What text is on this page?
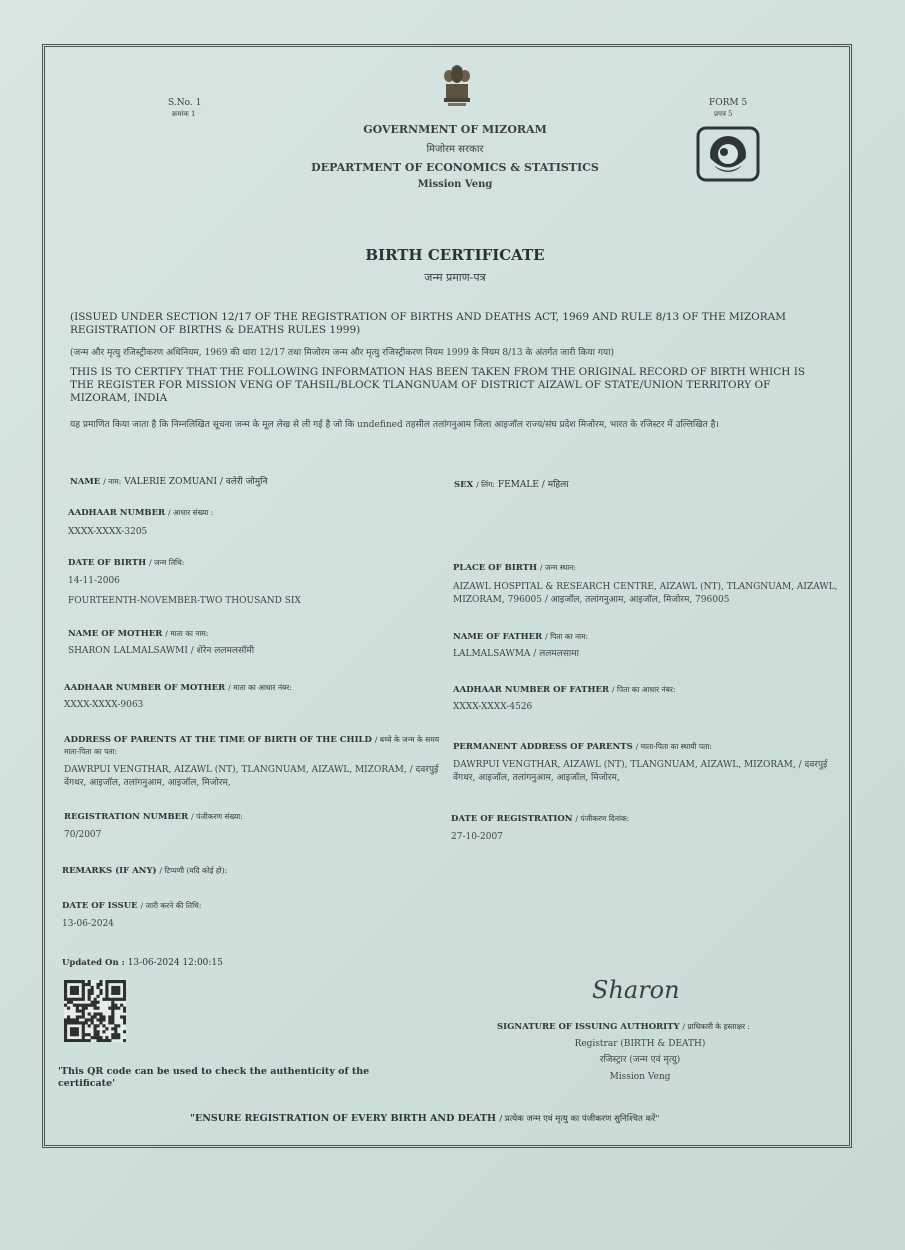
S.No. 1
क्रमांक 1
FORM 5
प्रपत्र 5
GOVERNMENT OF MIZORAM
मिजोरम सरकार
DEPARTMENT OF ECONOMICS & STATISTICS
Mission Veng
BIRTH CERTIFICATE
जन्म प्रमाण-पत्र
(ISSUED UNDER SECTION 12/17 OF THE REGISTRATION OF BIRTHS AND DEATHS ACT, 1969 AND RULE 8/13 OF THE MIZORAM REGISTRATION OF BIRTHS & DEATHS RULES 1999)
(जन्म और मृत्यु रजिस्ट्रीकरण अधिनियम, 1969 की धारा 12/17 तथा मिजोरम जन्म और मृत्यु रजिस्ट्रीकरण नियम 1999 के नियम 8/13 के अंतर्गत जारी किया गया)
THIS IS TO CERTIFY THAT THE FOLLOWING INFORMATION HAS BEEN TAKEN FROM THE ORIGINAL RECORD OF BIRTH WHICH IS THE REGISTER FOR MISSION VENG OF TAHSIL/BLOCK TLANGNUAM OF DISTRICT AIZAWL OF STATE/UNION TERRITORY OF MIZORAM, INDIA
यह प्रमाणित किया जाता है कि निम्नलिखित सूचना जन्म के मूल लेख से ली गई है जो कि undefined तहसील तलांगनुआम जिला आइजॉल राज्य/संघ प्रदेश मिजोरम, भारत के रजिस्टर में उल्लिखित है।
NAME / नाम: VALERIE ZOMUANI / वलेरी जोमुनि	SEX / लिंग: FEMALE / महिला
AADHAAR NUMBER / आधार संख्या :
XXXX-XXXX-3205
DATE OF BIRTH / जन्म तिथि:
14-11-2006
FOURTEENTH-NOVEMBER-TWO THOUSAND SIX
PLACE OF BIRTH / जन्म स्थान:
AIZAWL HOSPITAL & RESEARCH CENTRE, AIZAWL (NT), TLANGNUAM, AIZAWL, MIZORAM, 796005 / आइजॉल, तलांगनुआम, आइजॉल, मिजोरम, 796005
NAME OF MOTHER / माता का नाम:
SHARON LALMALSAWMI / शेरेन ललमलसॉमी
NAME OF FATHER / पिता का नाम:
LALMALSAWMA / ललमलसामा
AADHAAR NUMBER OF MOTHER / माता का आधार नंबर:
XXXX-XXXX-9063
AADHAAR NUMBER OF FATHER / पिता का आधार नंबर:
XXXX-XXXX-4526
ADDRESS OF PARENTS AT THE TIME OF BIRTH OF THE CHILD / बच्चे के जन्म के समय माता-पिता का पता:
DAWRPUI VENGTHAR, AIZAWL (NT), TLANGNUAM, AIZAWL, MIZORAM, / दवरपुई वेंगथर, आइजॉल, तलांगनुआम, आइजॉल, मिजोरम,
PERMANENT ADDRESS OF PARENTS / माता-पिता का स्थायी पता:
DAWRPUI VENGTHAR, AIZAWL (NT), TLANGNUAM, AIZAWL, MIZORAM, / दवरपुई वेंगथर, आइजॉल, तलांगनुआम, आइजॉल, मिजोरम,
REGISTRATION NUMBER / पंजीकरण संख्या:
70/2007
DATE OF REGISTRATION / पंजीकरण दिनांक:
27-10-2007
REMARKS (IF ANY) / टिप्पणी (यदि कोई हो):
DATE OF ISSUE / जारी करने की तिथि:
13-06-2024
Updated On : 13-06-2024 12:00:15
'This QR code can be used to check the authenticity of the certificate'
Sharon
SIGNATURE OF ISSUING AUTHORITY / प्राधिकारी के हस्ताक्षर :
Registrar (BIRTH & DEATH)
रजिस्ट्रार (जन्म एवं मृत्यु)
Mission Veng
"ENSURE REGISTRATION OF EVERY BIRTH AND DEATH / प्रत्येक जन्म एवं मृत्यु का पंजीकरण सुनिश्चित करें"
